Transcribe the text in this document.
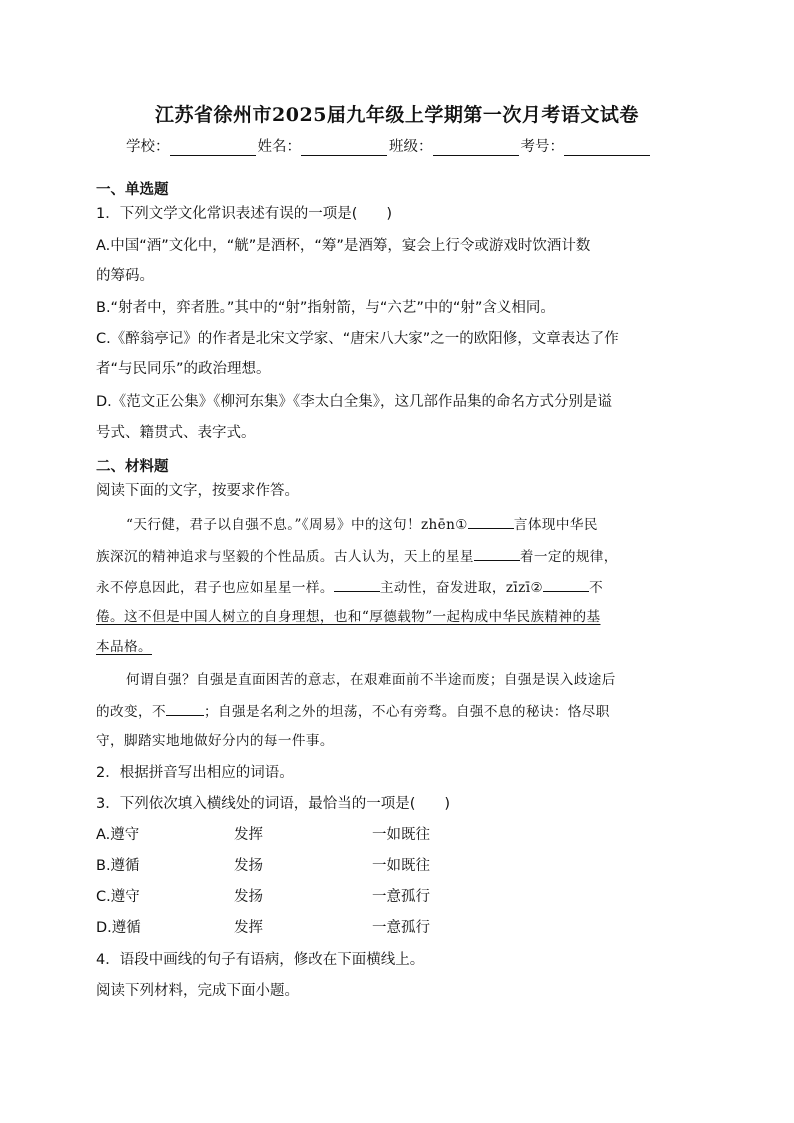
江苏省徐州市2025届九年级上学期第一次月考语文试卷
学校：	姓名：	班级：	考号：
一、单选题
1．下列文学文化常识表述有误的一项是(　　)
A.中国“酒”文化中，“觥”是酒杯，“筹”是酒筹，宴会上行令或游戏时饮酒计数
的筹码。
B.“射者中，弈者胜。”其中的“射”指射箭，与“六艺”中的“射”含义相同。
C.《醉翁亭记》的作者是北宋文学家、“唐宋八大家”之一的欧阳修，文章表达了作
者“与民同乐”的政治理想。
D.《范文正公集》《柳河东集》《李太白全集》，这几部作品集的命名方式分别是谥
号式、籍贯式、表字式。
二、材料题
阅读下面的文字，按要求作答。
“天行健，君子以自强不息。”《周易》中的这句！zhēn①	言体现中华民
族深沉的精神追求与坚毅的个性品质。古人认为，天上的星星	着一定的规律，
永不停息因此，君子也应如星星一样。	主动性，奋发进取，zīzī②	不
倦。这不但是中国人树立的自身理想，也和“厚德载物”一起构成中华民族精神的基
本品格。
何谓自强？自强是直面困苦的意志，在艰难面前不半途而废；自强是误入歧途后
的改变，不	；自强是名利之外的坦荡，不心有旁骛。自强不息的秘诀：恪尽职
守，脚踏实地地做好分内的每一件事。
2．根据拼音写出相应的词语。
3．下列依次填入横线处的词语，最恰当的一项是(　　)
A.遵守	发挥	一如既往
B.遵循	发扬	一如既往
C.遵守	发扬	一意孤行
D.遵循	发挥	一意孤行
4．语段中画线的句子有语病，修改在下面横线上。
阅读下列材料，完成下面小题。
